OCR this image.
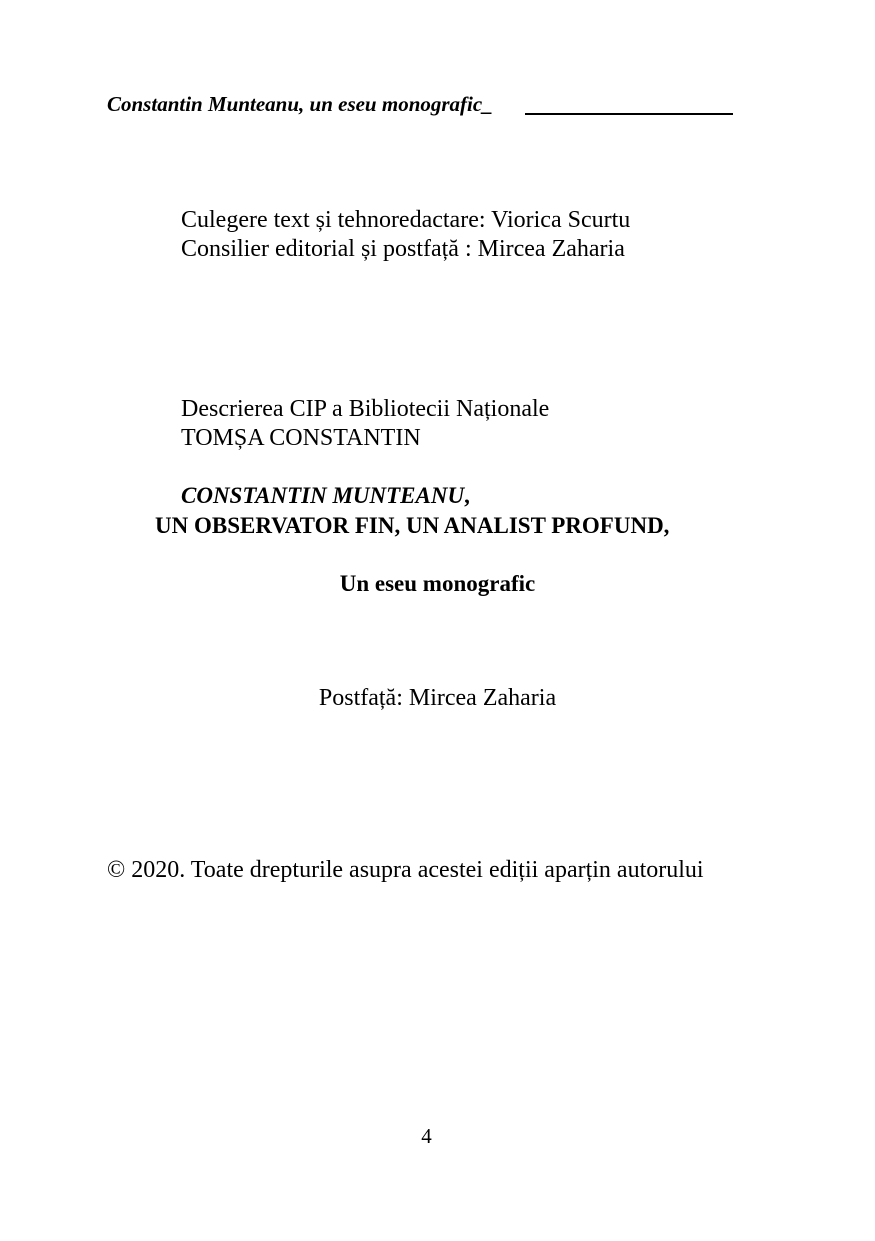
Constantin Munteanu, un eseu monografic_
Culegere text și tehnoredactare: Viorica Scurtu
Consilier editorial și postfață : Mircea Zaharia
Descrierea CIP a Bibliotecii Naționale
TOMȘA CONSTANTIN
CONSTANTIN MUNTEANU,
UN OBSERVATOR FIN, UN ANALIST PROFUND,
Un eseu monografic
Postfață: Mircea Zaharia
© 2020. Toate drepturile asupra acestei ediții aparțin autorului
4
